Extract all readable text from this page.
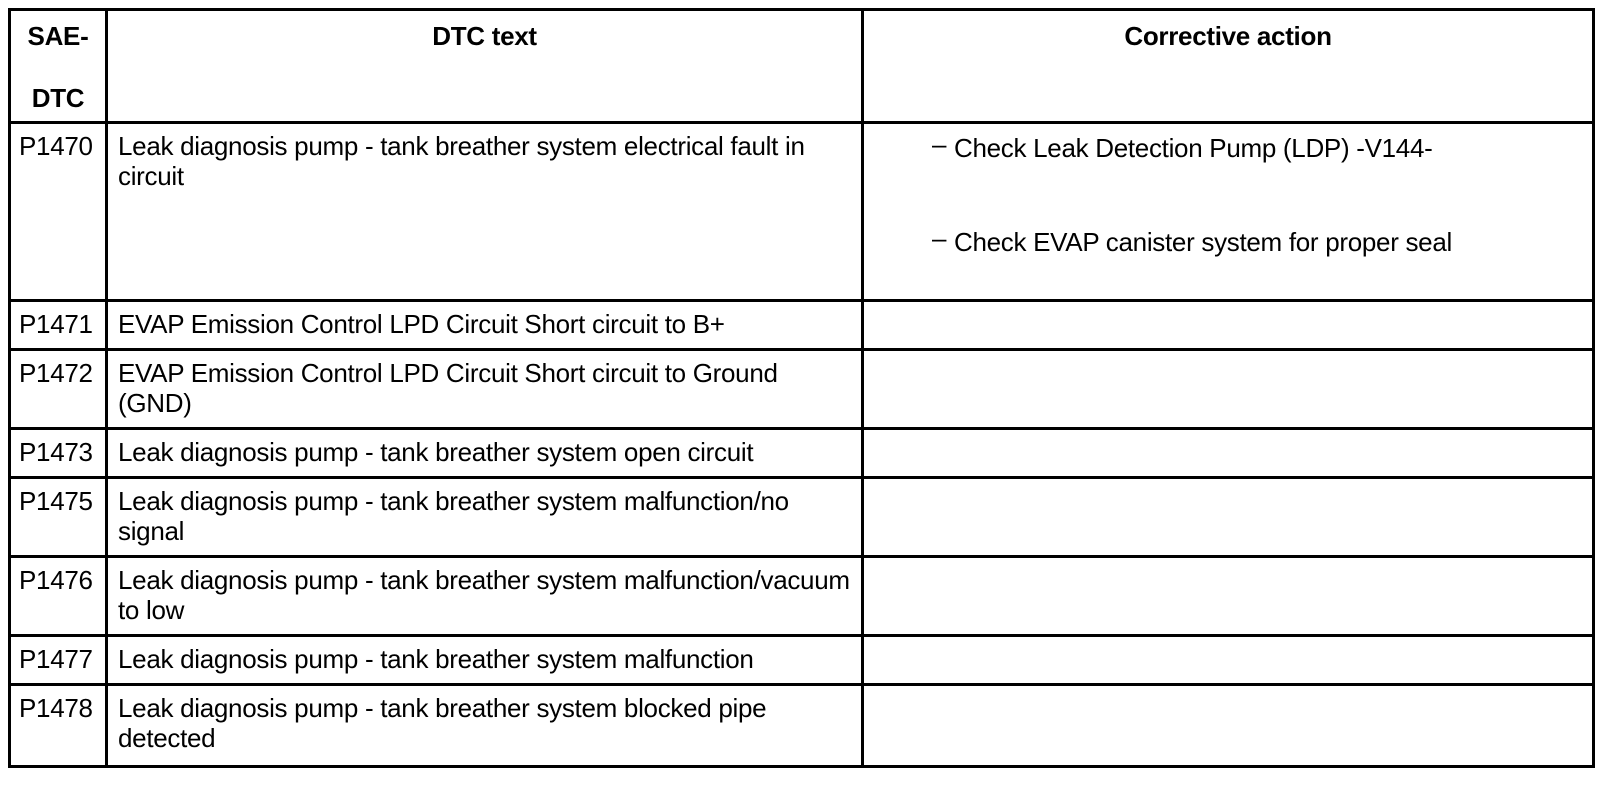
SAE-
DTC	DTC text	Corrective action
P1470	Leak diagnosis pump - tank breather system electrical fault in circuit	– Check Leak Detection Pump (LDP) -V144-
– Check EVAP canister system for proper seal

P1471	EVAP Emission Control LPD Circuit Short circuit to B+	
P1472	EVAP Emission Control LPD Circuit Short circuit to Ground (GND)	
P1473	Leak diagnosis pump - tank breather system open circuit	
P1475	Leak diagnosis pump - tank breather system malfunction/no signal	
P1476	Leak diagnosis pump - tank breather system malfunction/vacuum to low	
P1477	Leak diagnosis pump - tank breather system malfunction	
P1478	Leak diagnosis pump - tank breather system blocked pipe detected	
